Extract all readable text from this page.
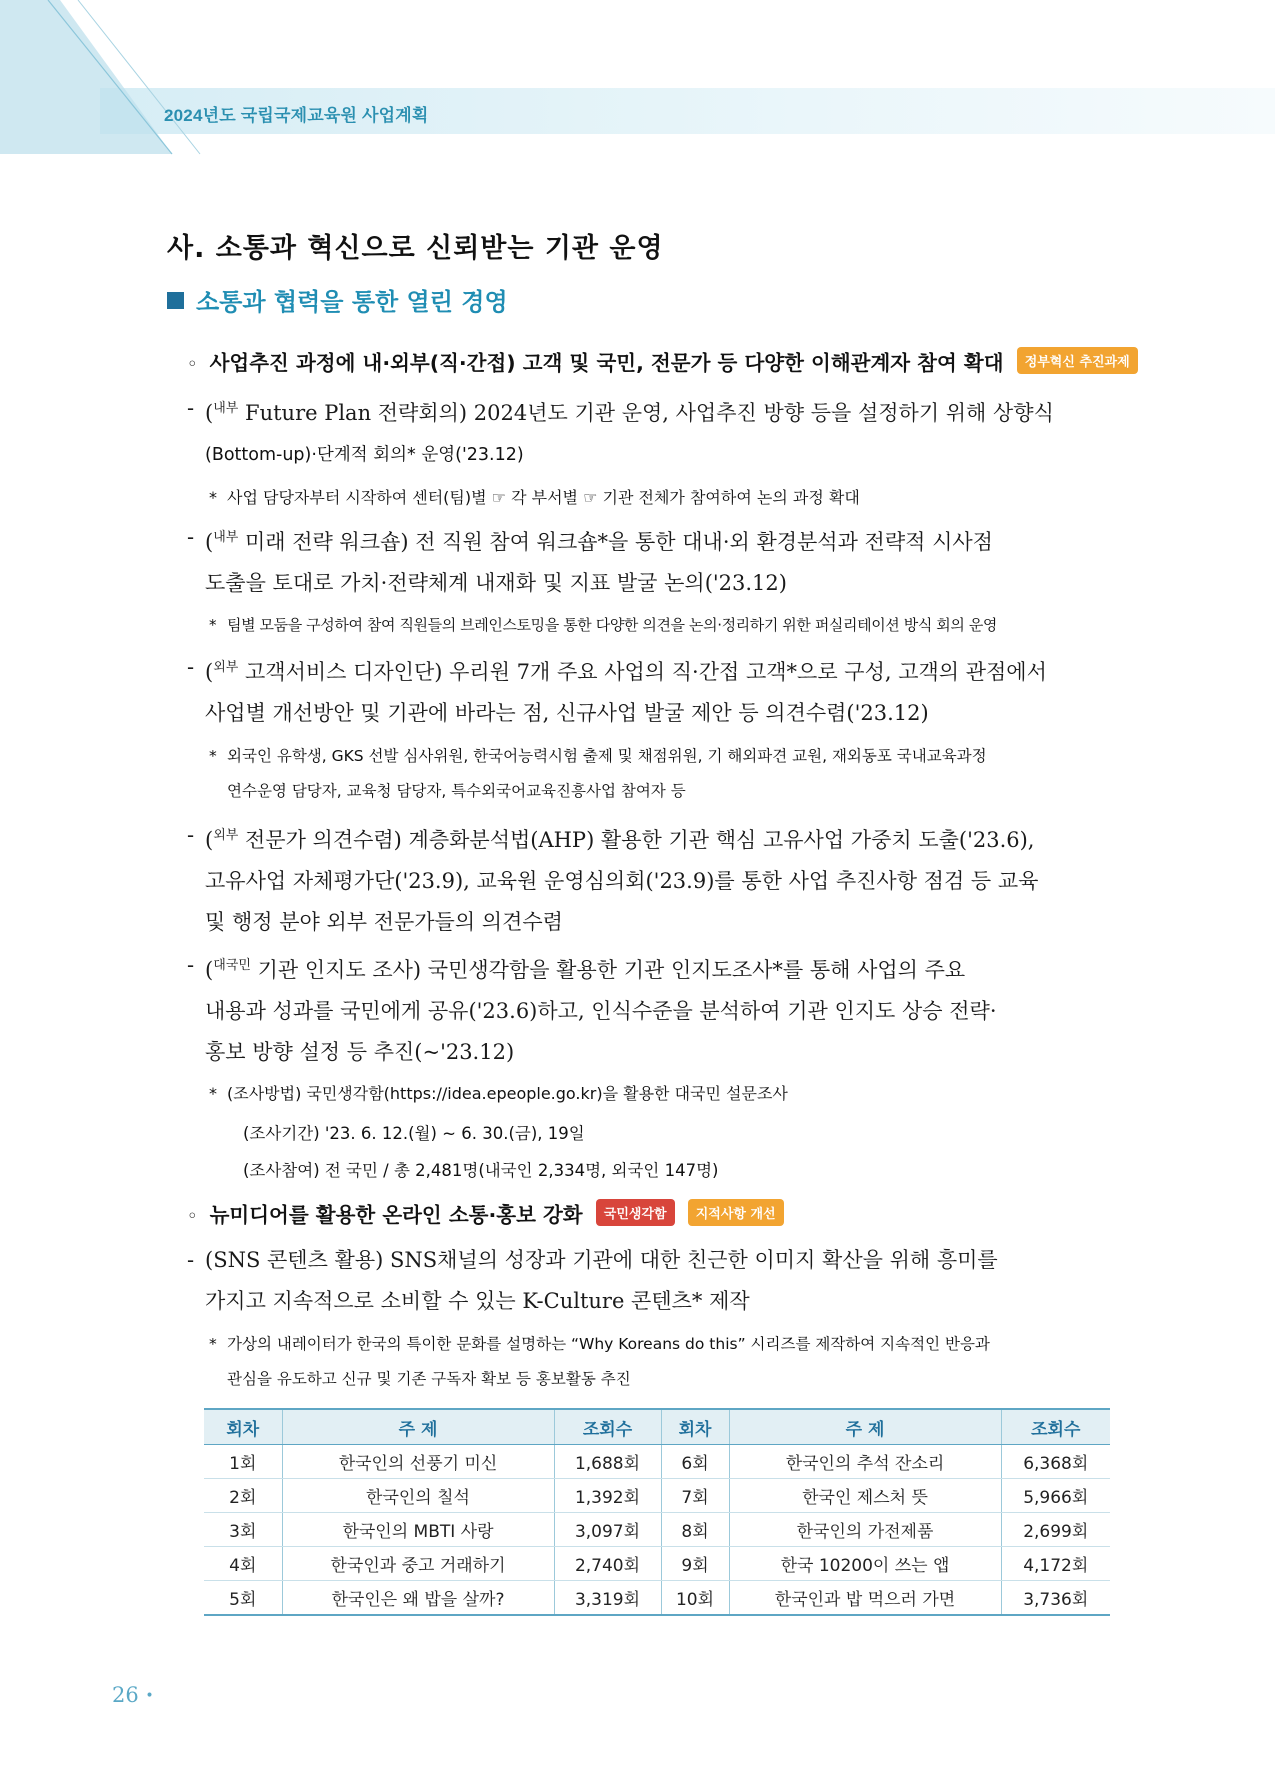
2024년도 국립국제교육원 사업계획
사. 소통과 혁신으로 신뢰받는 기관 운영
소통과 협력을 통한 열린 경영
◦ 사업추진 과정에 내·외부(직·간접) 고객 및 국민, 전문가 등 다양한 이해관계자 참여 확대 정부혁신 추진과제
- ($^{내부}$ Future Plan 전략회의) 2024년도 기관 운영, 사업추진 방향 등을 설정하기 위해 상향식
(Bottom-up)·단계적 회의* 운영('23.12)
* 사업 담당자부터 시작하여 센터(팀)별 ☞ 각 부서별 ☞ 기관 전체가 참여하여 논의 과정 확대
- ($^{내부}$ 미래 전략 워크숍) 전 직원 참여 워크숍*을 통한 대내·외 환경분석과 전략적 시사점
도출을 토대로 가치·전략체계 내재화 및 지표 발굴 논의('23.12)
* 팀별 모둠을 구성하여 참여 직원들의 브레인스토밍을 통한 다양한 의견을 논의·정리하기 위한 퍼실리테이션 방식 회의 운영
- ($^{외부}$ 고객서비스 디자인단) 우리원 7개 주요 사업의 직·간접 고객*으로 구성, 고객의 관점에서
사업별 개선방안 및 기관에 바라는 점, 신규사업 발굴 제안 등 의견수렴('23.12)
* 외국인 유학생, GKS 선발 심사위원, 한국어능력시험 출제 및 채점위원, 기 해외파견 교원, 재외동포 국내교육과정
연수운영 담당자, 교육청 담당자, 특수외국어교육진흥사업 참여자 등
- ($^{외부}$ 전문가 의견수렴) 계층화분석법(AHP) 활용한 기관 핵심 고유사업 가중치 도출('23.6),
고유사업 자체평가단('23.9), 교육원 운영심의회('23.9)를 통한 사업 추진사항 점검 등 교육
및 행정 분야 외부 전문가들의 의견수렴
- ($^{대국민}$ 기관 인지도 조사) 국민생각함을 활용한 기관 인지도조사*를 통해 사업의 주요
내용과 성과를 국민에게 공유('23.6)하고, 인식수준을 분석하여 기관 인지도 상승 전략·
홍보 방향 설정 등 추진(~'23.12)
* (조사방법) 국민생각함(https://idea.epeople.go.kr)을 활용한 대국민 설문조사
(조사기간) '23. 6. 12.(월) ~ 6. 30.(금), 19일
(조사참여) 전 국민 / 총 2,481명(내국인 2,334명, 외국인 147명)
◦ 뉴미디어를 활용한 온라인 소통·홍보 강화 국민생각함 지적사항 개선
- (SNS 콘텐츠 활용) SNS채널의 성장과 기관에 대한 친근한 이미지 확산을 위해 흥미를
가지고 지속적으로 소비할 수 있는 K-Culture 콘텐츠* 제작
* 가상의 내레이터가 한국의 특이한 문화를 설명하는 “Why Koreans do this” 시리즈를 제작하여 지속적인 반응과
관심을 유도하고 신규 및 기존 구독자 확보 등 홍보활동 추진
회차	주 제	조회수	회차	주 제	조회수
1회	한국인의 선풍기 미신	1,688회	6회	한국인의 추석 잔소리	6,368회
2회	한국인의 칠석	1,392회	7회	한국인 제스처 뜻	5,966회
3회	한국인의 MBTI 사랑	3,097회	8회	한국인의 가전제품	2,699회
4회	한국인과 중고 거래하기	2,740회	9회	한국 10200이 쓰는 앱	4,172회
5회	한국인은 왜 밥을 살까?	3,319회	10회	한국인과 밥 먹으러 가면	3,736회
26 •
